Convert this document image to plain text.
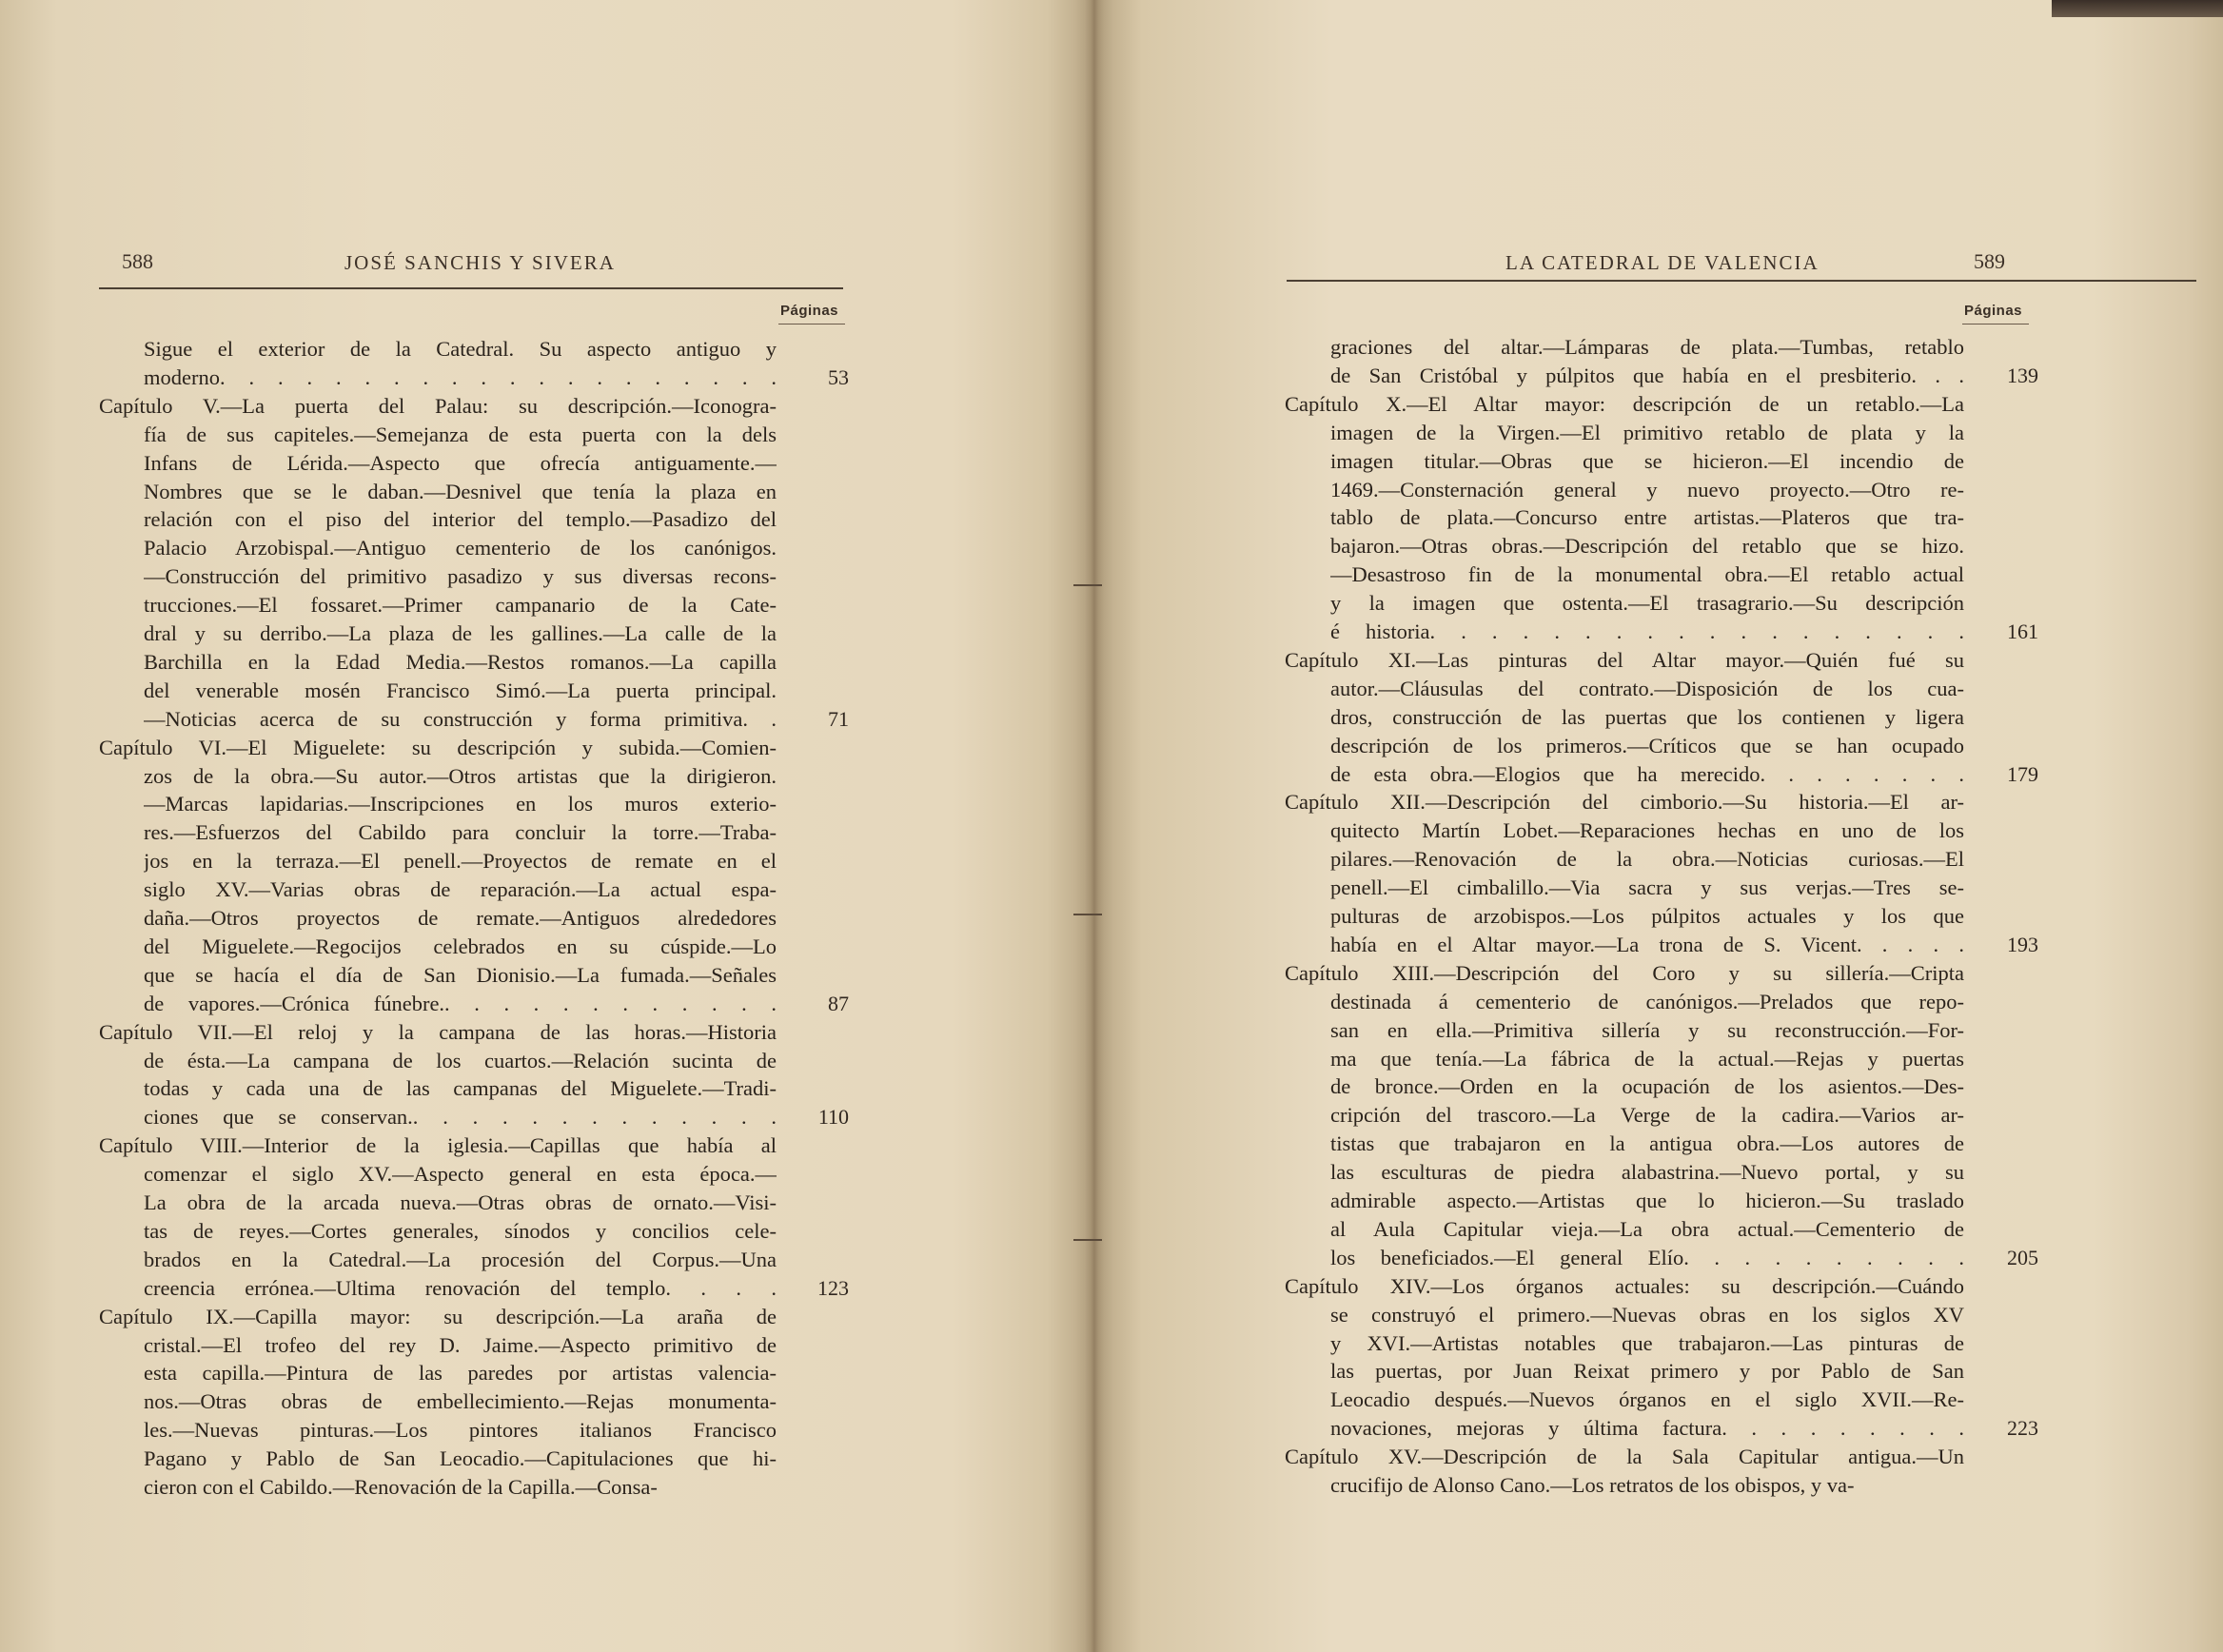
588	JOSÉ SANCHIS Y SIVERA
Páginas
Sigue el exterior de la Catedral. Su aspecto antiguo y
moderno. . . . . . . . . . . . . . . . . . . .	53
Capítulo V.—La puerta del Palau: su descripción.—Iconogra-
fía de sus capiteles.—Semejanza de esta puerta con la dels
Infans de Lérida.—Aspecto que ofrecía antiguamente.—
Nombres que se le daban.—Desnivel que tenía la plaza en
relación con el piso del interior del templo.—Pasadizo del
Palacio Arzobispal.—Antiguo cementerio de los canónigos.
—Construcción del primitivo pasadizo y sus diversas recons-
trucciones.—El fossaret.—Primer campanario de la Cate-
dral y su derribo.—La plaza de les gallines.—La calle de la
Barchilla en la Edad Media.—Restos romanos.—La capilla
del venerable mosén Francisco Simó.—La puerta principal.
—Noticias acerca de su construcción y forma primitiva. .	71
Capítulo VI.—El Miguelete: su descripción y subida.—Comien-
zos de la obra.—Su autor.—Otros artistas que la dirigieron.
—Marcas lapidarias.—Inscripciones en los muros exterio-
res.—Esfuerzos del Cabildo para concluir la torre.—Traba-
jos en la terraza.—El penell.—Proyectos de remate en el
siglo XV.—Varias obras de reparación.—La actual espa-
daña.—Otros proyectos de remate.—Antiguos alrededores
del Miguelete.—Regocijos celebrados en su cúspide.—Lo
que se hacía el día de San Dionisio.—La fumada.—Señales
de vapores.—Crónica fúnebre.. . . . . . . . . . . .	87
Capítulo VII.—El reloj y la campana de las horas.—Historia
de ésta.—La campana de los cuartos.—Relación sucinta de
todas y cada una de las campanas del Miguelete.—Tradi-
ciones que se conservan.. . . . . . . . . . . . .	110
Capítulo VIII.—Interior de la iglesia.—Capillas que había al
comenzar el siglo XV.—Aspecto general en esta época.—
La obra de la arcada nueva.—Otras obras de ornato.—Visi-
tas de reyes.—Cortes generales, sínodos y concilios cele-
brados en la Catedral.—La procesión del Corpus.—Una
creencia errónea.—Ultima renovación del templo. . . .	123
Capítulo IX.—Capilla mayor: su descripción.—La araña de
cristal.—El trofeo del rey D. Jaime.—Aspecto primitivo de
esta capilla.—Pintura de las paredes por artistas valencia-
nos.—Otras obras de embellecimiento.—Rejas monumenta-
les.—Nuevas pinturas.—Los pintores italianos Francisco
Pagano y Pablo de San Leocadio.—Capitulaciones que hi-
cieron con el Cabildo.—Renovación de la Capilla.—Consa-
LA CATEDRAL DE VALENCIA	589
Páginas
graciones del altar.—Lámparas de plata.—Tumbas, retablo
de San Cristóbal y púlpitos que había en el presbiterio. . .	139
Capítulo X.—El Altar mayor: descripción de un retablo.—La
imagen de la Virgen.—El primitivo retablo de plata y la
imagen titular.—Obras que se hicieron.—El incendio de
1469.—Consternación general y nuevo proyecto.—Otro re-
tablo de plata.—Concurso entre artistas.—Plateros que tra-
bajaron.—Otras obras.—Descripción del retablo que se hizo.
—Desastroso fin de la monumental obra.—El retablo actual
y la imagen que ostenta.—El trasagrario.—Su descripción
é historia. . . . . . . . . . . . . . . . . .	161
Capítulo XI.—Las pinturas del Altar mayor.—Quién fué su
autor.—Cláusulas del contrato.—Disposición de los cua-
dros, construcción de las puertas que los contienen y ligera
descripción de los primeros.—Críticos que se han ocupado
de esta obra.—Elogios que ha merecido. . . . . . . .	179
Capítulo XII.—Descripción del cimborio.—Su historia.—El ar-
quitecto Martín Lobet.—Reparaciones hechas en uno de los
pilares.—Renovación de la obra.—Noticias curiosas.—El
penell.—El cimbalillo.—Via sacra y sus verjas.—Tres se-
pulturas de arzobispos.—Los púlpitos actuales y los que
había en el Altar mayor.—La trona de S. Vicent. . . . .	193
Capítulo XIII.—Descripción del Coro y su sillería.—Cripta
destinada á cementerio de canónigos.—Prelados que repo-
san en ella.—Primitiva sillería y su reconstrucción.—For-
ma que tenía.—La fábrica de la actual.—Rejas y puertas
de bronce.—Orden en la ocupación de los asientos.—Des-
cripción del trascoro.—La Verge de la cadira.—Varios ar-
tistas que trabajaron en la antigua obra.—Los autores de
las esculturas de piedra alabastrina.—Nuevo portal, y su
admirable aspecto.—Artistas que lo hicieron.—Su traslado
al Aula Capitular vieja.—La obra actual.—Cementerio de
los beneficiados.—El general Elío. . . . . . . . . .	205
Capítulo XIV.—Los órganos actuales: su descripción.—Cuándo
se construyó el primero.—Nuevas obras en los siglos XV
y XVI.—Artistas notables que trabajaron.—Las pinturas de
las puertas, por Juan Reixat primero y por Pablo de San
Leocadio después.—Nuevos órganos en el siglo XVII.—Re-
novaciones, mejoras y última factura. . . . . . . . .	223
Capítulo XV.—Descripción de la Sala Capitular antigua.—Un
crucifijo de Alonso Cano.—Los retratos de los obispos, y va-
